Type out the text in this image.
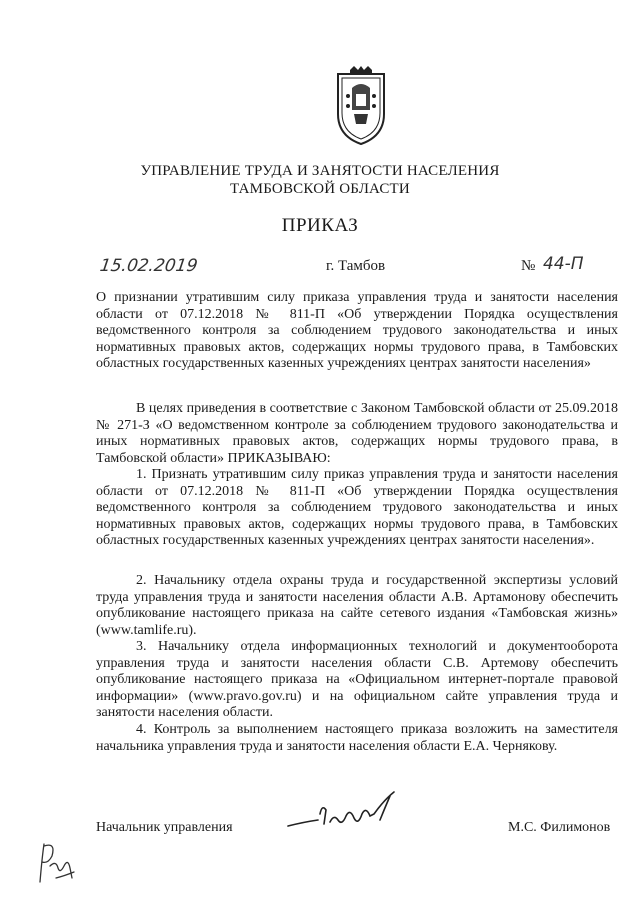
УПРАВЛЕНИЕ ТРУДА И ЗАНЯТОСТИ НАСЕЛЕНИЯ
ТАМБОВСКОЙ ОБЛАСТИ
ПРИКАЗ
15.02.2019	г. Тамбов	№ 44-П
О признании утратившим силу приказа управления труда и занятости населения области от 07.12.2018 № 811-П «Об утверждении Порядка осуществления ведомственного контроля за соблюдением трудового законодательства и иных нормативных правовых актов, содержащих нормы трудового права, в Тамбовских областных государственных казенных учреждениях центрах занятости населения»
В целях приведения в соответствие с Законом Тамбовской области от 25.09.2018 № 271-З «О ведомственном контроле за соблюдением трудового законодательства и иных нормативных правовых актов, содержащих нормы трудового права, в Тамбовской области» ПРИКАЗЫВАЮ:
1. Признать утратившим силу приказ управления труда и занятости населения области от 07.12.2018 № 811-П «Об утверждении Порядка осуществления ведомственного контроля за соблюдением трудового законодательства и иных нормативных правовых актов, содержащих нормы трудового права, в Тамбовских областных государственных казенных учреждениях центрах занятости населения».
2. Начальнику отдела охраны труда и государственной экспертизы условий труда управления труда и занятости населения области А.В. Артамонову обеспечить опубликование настоящего приказа на сайте сетевого издания «Тамбовская жизнь» (www.tamlife.ru).
3. Начальнику отдела информационных технологий и документооборота управления труда и занятости населения области С.В. Артемову обеспечить опубликование настоящего приказа на «Официальном интернет-портале правовой информации» (www.pravo.gov.ru) и на официальном сайте управления труда и занятости населения области.
4. Контроль за выполнением настоящего приказа возложить на заместителя начальника управления труда и занятости населения области Е.А. Чернякову.
Начальник управления	М.С. Филимонов
